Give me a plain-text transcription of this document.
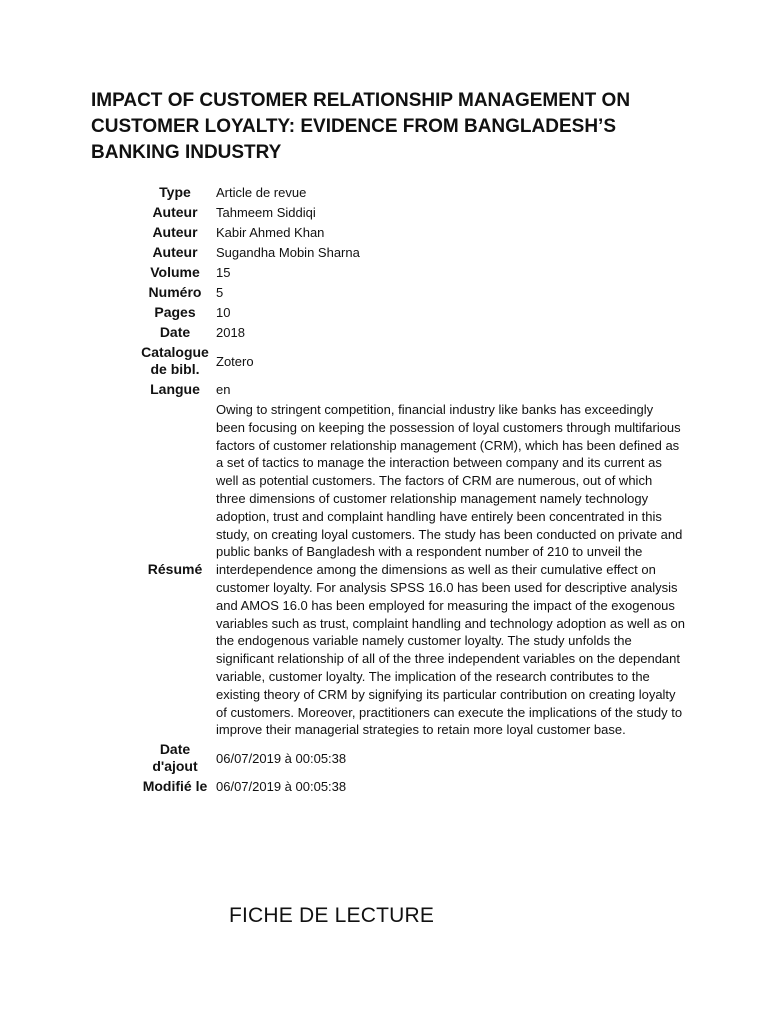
IMPACT OF CUSTOMER RELATIONSHIP MANAGEMENT ON CUSTOMER LOYALTY: EVIDENCE FROM BANGLADESH’S BANKING INDUSTRY
Type	Article de revue
Auteur	Tahmeem Siddiqi
Auteur	Kabir Ahmed Khan
Auteur	Sugandha Mobin Sharna
Volume	15
Numéro	5
Pages	10
Date	2018
Catalogue de bibl.	Zotero
Langue	en
Résumé	Owing to stringent competition, financial industry like banks has exceedingly been focusing on keeping the possession of loyal customers through multifarious factors of customer relationship management (CRM), which has been defined as a set of tactics to manage the interaction between company and its current as well as potential customers. The factors of CRM are numerous, out of which three dimensions of customer relationship management namely technology adoption, trust and complaint handling have entirely been concentrated in this study, on creating loyal customers. The study has been conducted on private and public banks of Bangladesh with a respondent number of 210 to unveil the interdependence among the dimensions as well as their cumulative effect on customer loyalty. For analysis SPSS 16.0 has been used for descriptive analysis and AMOS 16.0 has been employed for measuring the impact of the exogenous variables such as trust, complaint handling and technology adoption as well as on the endogenous variable namely customer loyalty. The study unfolds the significant relationship of all of the three independent variables on the dependant variable, customer loyalty. The implication of the research contributes to the existing theory of CRM by signifying its particular contribution on creating loyalty of customers. Moreover, practitioners can execute the implications of the study to improve their managerial strategies to retain more loyal customer base.
Date d'ajout	06/07/2019 à 00:05:38
Modifié le	06/07/2019 à 00:05:38
FICHE DE LECTURE
